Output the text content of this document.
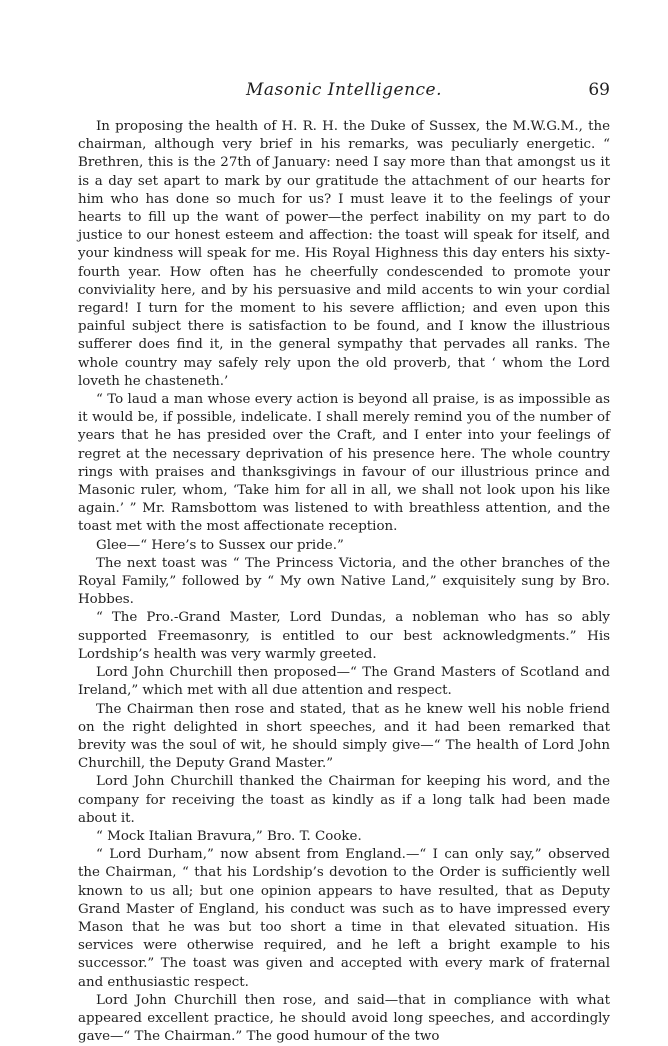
Masonic Intelligence.	69

In proposing the health of H. R. H. the Duke of Sussex, the M.W.G.M., the chairman, although very brief in his remarks, was peculiarly energetic. “ Brethren, this is the 27th of January: need I say more than that amongst us it is a day set apart to mark by our gratitude the attachment of our hearts for him who has done so much for us? I must leave it to the feelings of your hearts to fill up the want of power—the perfect inability on my part to do justice to our honest esteem and affection: the toast will speak for itself, and your kindness will speak for me. His Royal Highness this day enters his sixty-fourth year. How often has he cheerfully condescended to promote your conviviality here, and by his persuasive and mild accents to win your cordial regard! I turn for the moment to his severe affliction; and even upon this painful subject there is satisfaction to be found, and I know the illustrious sufferer does find it, in the general sympathy that pervades all ranks. The whole country may safely rely upon the old proverb, that ‘ whom the Lord loveth he chasteneth.’

“ To laud a man whose every action is beyond all praise, is as impossible as it would be, if possible, indelicate. I shall merely remind you of the number of years that he has presided over the Craft, and I enter into your feelings of regret at the necessary deprivation of his presence here. The whole country rings with praises and thanksgivings in favour of our illustrious prince and Masonic ruler, whom, ‘Take him for all in all, we shall not look upon his like again.’ ” Mr. Ramsbottom was listened to with breathless attention, and the toast met with the most affectionate reception.

Glee—“ Here’s to Sussex our pride.”

The next toast was “ The Princess Victoria, and the other branches of the Royal Family,” followed by “ My own Native Land,” exquisitely sung by Bro. Hobbes.

“ The Pro.-Grand Master, Lord Dundas, a nobleman who has so ably supported Freemasonry, is entitled to our best acknowledgments.” His Lordship’s health was very warmly greeted.

Lord John Churchill then proposed—“ The Grand Masters of Scotland and Ireland,” which met with all due attention and respect.

The Chairman then rose and stated, that as he knew well his noble friend on the right delighted in short speeches, and it had been remarked that brevity was the soul of wit, he should simply give—“ The health of Lord John Churchill, the Deputy Grand Master.”

Lord John Churchill thanked the Chairman for keeping his word, and the company for receiving the toast as kindly as if a long talk had been made about it.

“ Mock Italian Bravura,” Bro. T. Cooke.

“ Lord Durham,” now absent from England.—“ I can only say,” observed the Chairman, “ that his Lordship’s devotion to the Order is sufficiently well known to us all; but one opinion appears to have resulted, that as Deputy Grand Master of England, his conduct was such as to have impressed every Mason that he was but too short a time in that elevated situation. His services were otherwise required, and he left a bright example to his successor.” The toast was given and accepted with every mark of fraternal and enthusiastic respect.

Lord John Churchill then rose, and said—that in compliance with what appeared excellent practice, he should avoid long speeches, and accordingly gave—“ The Chairman.” The good humour of the two
